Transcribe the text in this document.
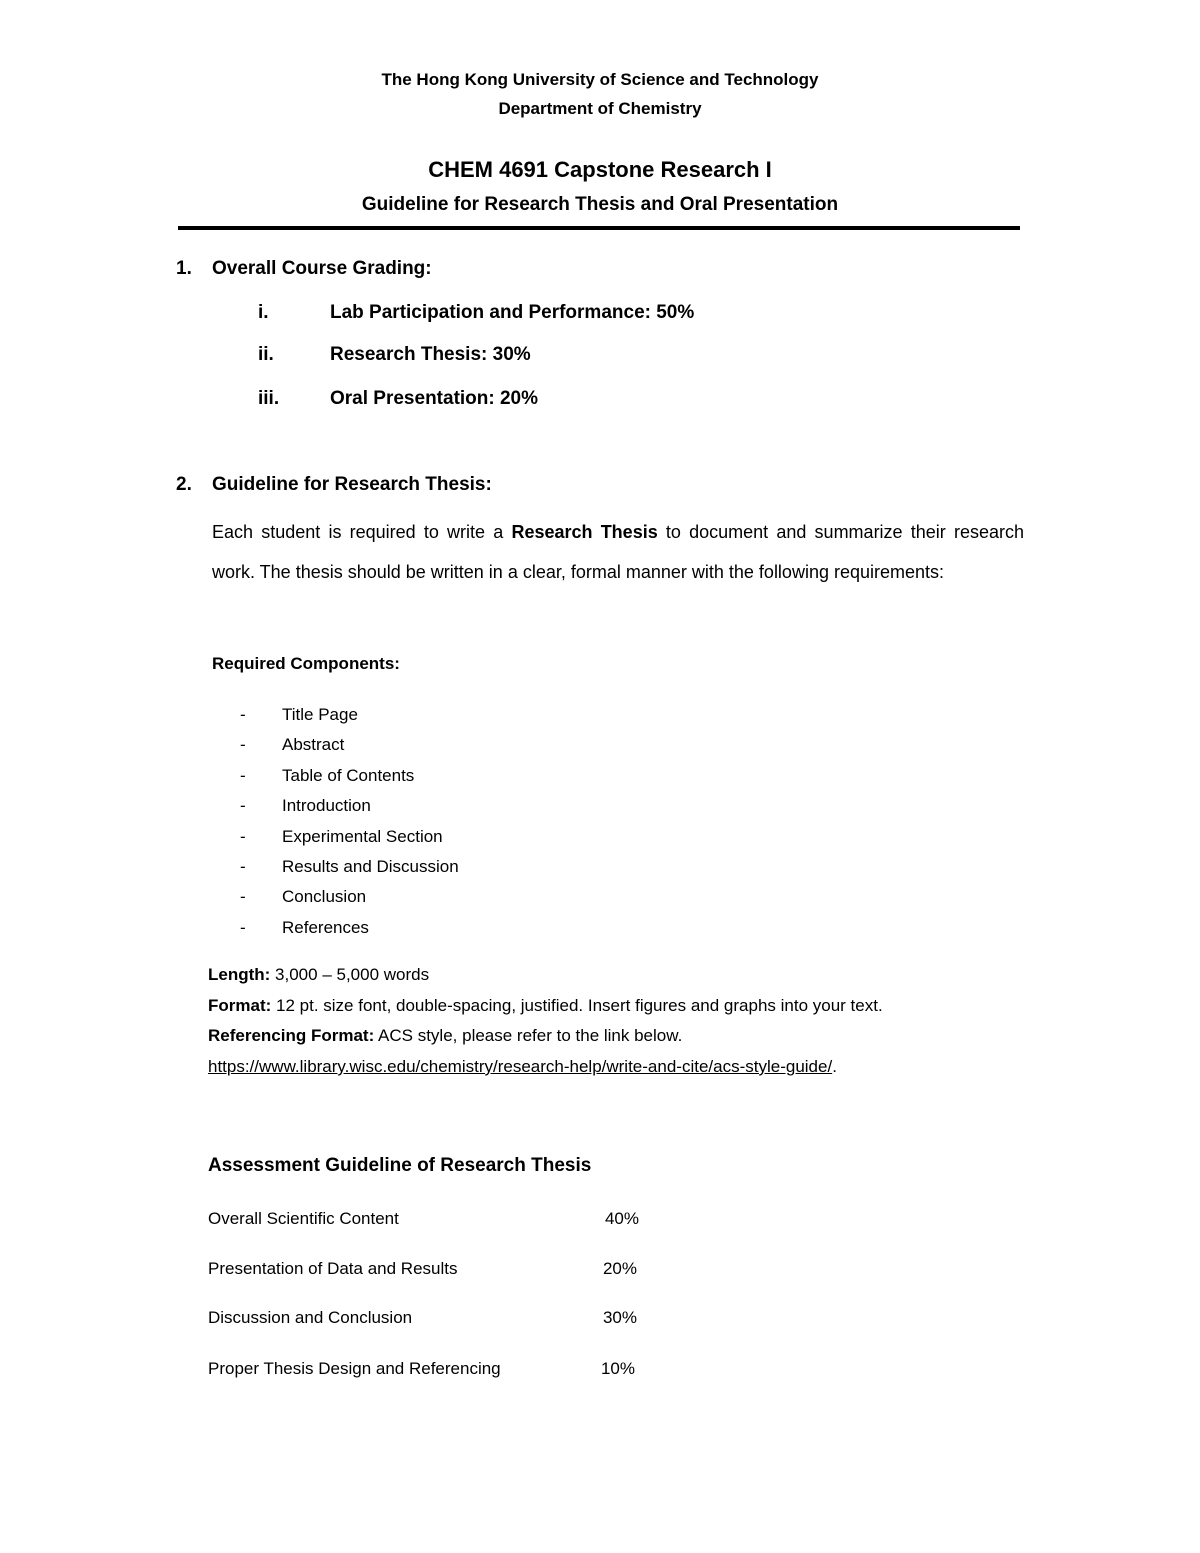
The Hong Kong University of Science and Technology
Department of Chemistry
CHEM 4691 Capstone Research I
Guideline for Research Thesis and Oral Presentation
1. Overall Course Grading:
i.	Lab Participation and Performance: 50%
ii.	Research Thesis: 30%
iii.	Oral Presentation: 20%
2. Guideline for Research Thesis:
Each student is required to write a Research Thesis to document and summarize their research work. The thesis should be written in a clear, formal manner with the following requirements:
Required Components:
-	Title Page
-	Abstract
-	Table of Contents
-	Introduction
-	Experimental Section
-	Results and Discussion
-	Conclusion
-	References
Length: 3,000 – 5,000 words
Format: 12 pt. size font, double-spacing, justified. Insert figures and graphs into your text.
Referencing Format: ACS style, please refer to the link below.
https://www.library.wisc.edu/chemistry/research-help/write-and-cite/acs-style-guide/.
Assessment Guideline of Research Thesis
Overall Scientific Content	40%
Presentation of Data and Results	20%
Discussion and Conclusion	30%
Proper Thesis Design and Referencing	10%
